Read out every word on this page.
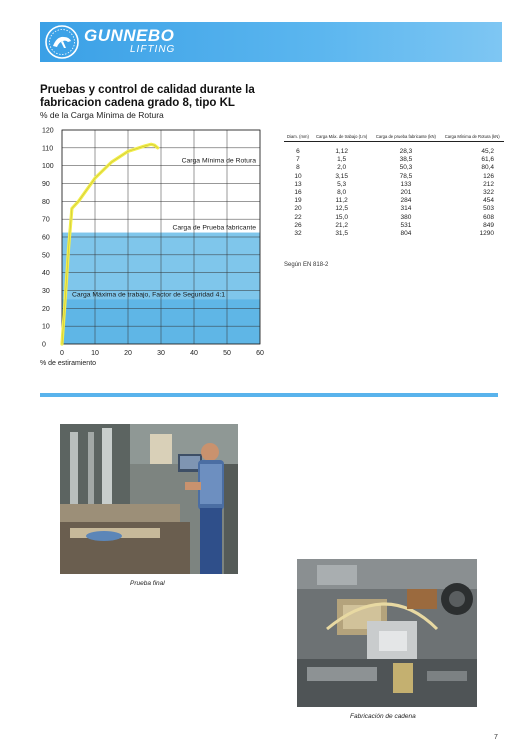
GUNNEBO
LIFTING
Pruebas y control de calidad durante la fabricacion cadena grado 8, tipo KL
% de la Carga Mínima de Rotura
0
10
20
30
40
50
60
70
80
90
100
110
120
0	10	20	30	40	50	60
Carga Mínima de Rotura
Carga de Prueba fabricante
Carga Máxima de trabajo, Factor de Seguridad 4:1
% de estiramiento
Diam. (mm)	Carga Máx. de trabajo (t.m)	Carga de prueba fabricante (kN)	Carga Mínima de Rotura (kN)
6	1,12	28,3	45,2
7	1,5	38,5	61,6
8	2,0	50,3	80,4
10	3,15	78,5	126
13	5,3	133	212
16	8,0	201	322
19	11,2	284	454
20	12,5	314	503
22	15,0	380	608
26	21,2	531	849
32	31,5	804	1290
Según EN 818-2
Prueba final
Fabricación de cadena
7
